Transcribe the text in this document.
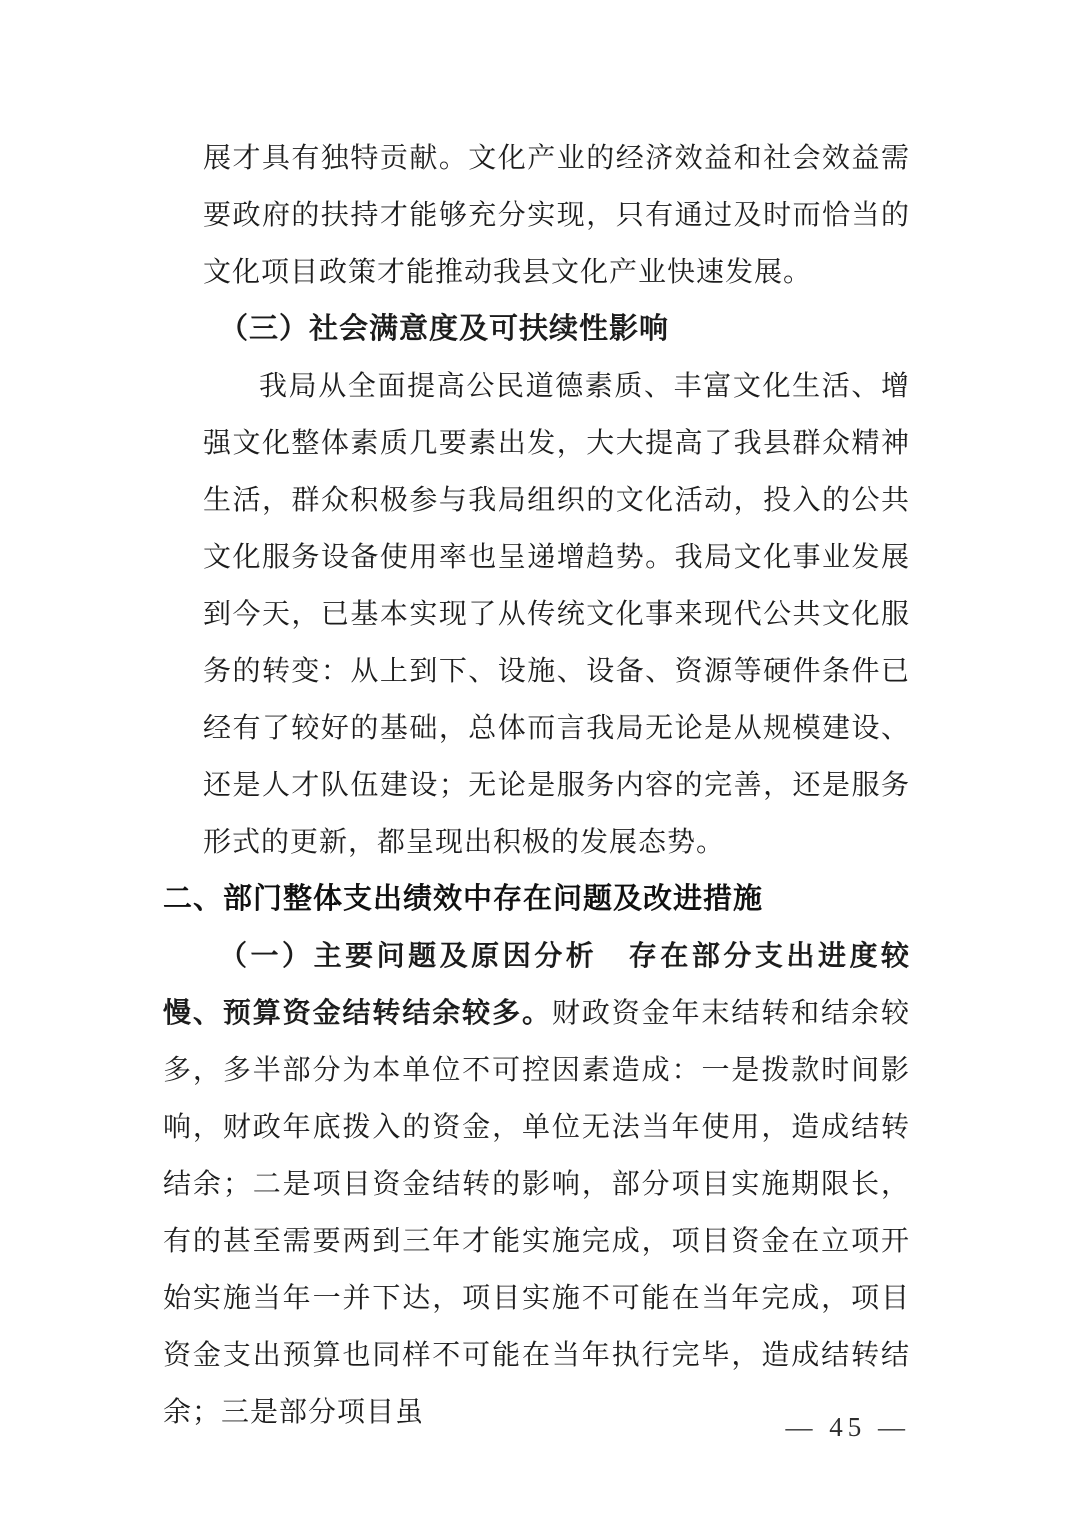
展才具有独特贡献。文化产业的经济效益和社会效益需要政府的扶持才能够充分实现，只有通过及时而恰当的文化项目政策才能推动我县文化产业快速发展。

（三）社会满意度及可扶续性影响

我局从全面提高公民道德素质、丰富文化生活、增强文化整体素质几要素出发，大大提高了我县群众精神生活，群众积极参与我局组织的文化活动，投入的公共文化服务设备使用率也呈递增趋势。我局文化事业发展到今天，已基本实现了从传统文化事来现代公共文化服务的转变：从上到下、设施、设备、资源等硬件条件已经有了较好的基础，总体而言我局无论是从规模建设、还是人才队伍建设；无论是服务内容的完善，还是服务形式的更新，都呈现出积极的发展态势。

二、部门整体支出绩效中存在问题及改进措施

（一）主要问题及原因分析　存在部分支出进度较慢、预算资金结转结余较多。财政资金年末结转和结余较多，多半部分为本单位不可控因素造成：一是拨款时间影响，财政年底拨入的资金，单位无法当年使用，造成结转结余；二是项目资金结转的影响，部分项目实施期限长，有的甚至需要两到三年才能实施完成，项目资金在立项开始实施当年一并下达，项目实施不可能在当年完成，项目资金支出预算也同样不可能在当年执行完毕，造成结转结余；三是部分项目虽	— 45 —
